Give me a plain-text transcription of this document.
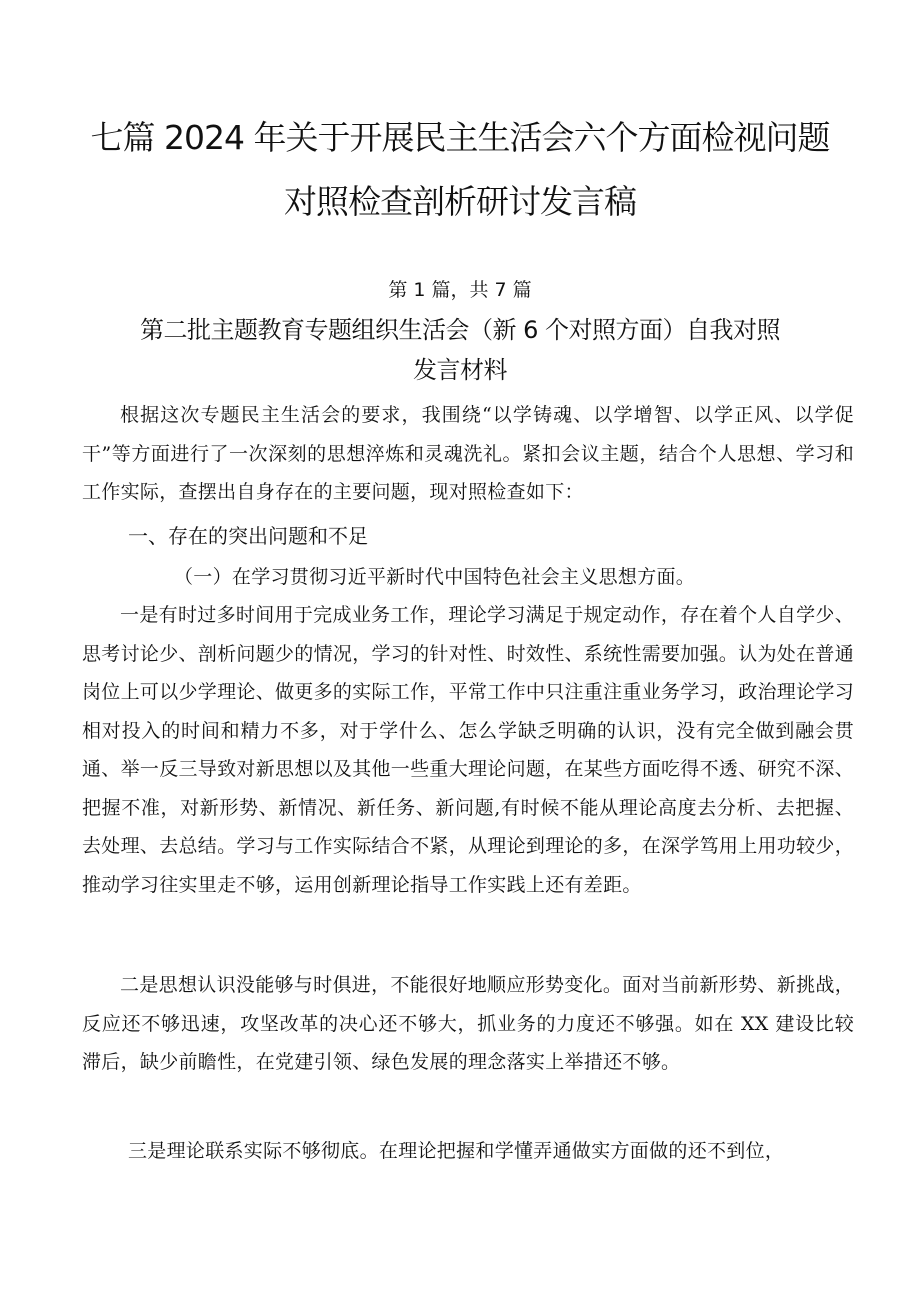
七篇 2024 年关于开展民主生活会六个方面检视问题
对照检查剖析研讨发言稿
第 1 篇，共 7 篇
第二批主题教育专题组织生活会（新 6 个对照方面）自我对照
发言材料

根据这次专题民主生活会的要求，我围绕“以学铸魂、以学增智、以学正风、以学促干”等方面进行了一次深刻的思想淬炼和灵魂洗礼。紧扣会议主题，结合个人思想、学习和工作实际，查摆出自身存在的主要问题，现对照检查如下：

一、存在的突出问题和不足
（一）在学习贯彻习近平新时代中国特色社会主义思想方面。

一是有时过多时间用于完成业务工作，理论学习满足于规定动作，存在着个人自学少、思考讨论少、剖析问题少的情况，学习的针对性、时效性、系统性需要加强。认为处在普通岗位上可以少学理论、做更多的实际工作，平常工作中只注重注重业务学习，政治理论学习相对投入的时间和精力不多，对于学什么、怎么学缺乏明确的认识，没有完全做到融会贯通、举一反三导致对新思想以及其他一些重大理论问题，在某些方面吃得不透、研究不深、把握不准，对新形势、新情况、新任务、新问题,有时候不能从理论高度去分析、去把握、去处理、去总结。学习与工作实际结合不紧，从理论到理论的多，在深学笃用上用功较少，推动学习往实里走不够，运用创新理论指导工作实践上还有差距。

二是思想认识没能够与时俱进，不能很好地顺应形势变化。面对当前新形势、新挑战，反应还不够迅速，攻坚改革的决心还不够大，抓业务的力度还不够强。如在 XX 建设比较滞后，缺少前瞻性，在党建引领、绿色发展的理念落实上举措还不够。

三是理论联系实际不够彻底。在理论把握和学懂弄通做实方面做的还不到位，
